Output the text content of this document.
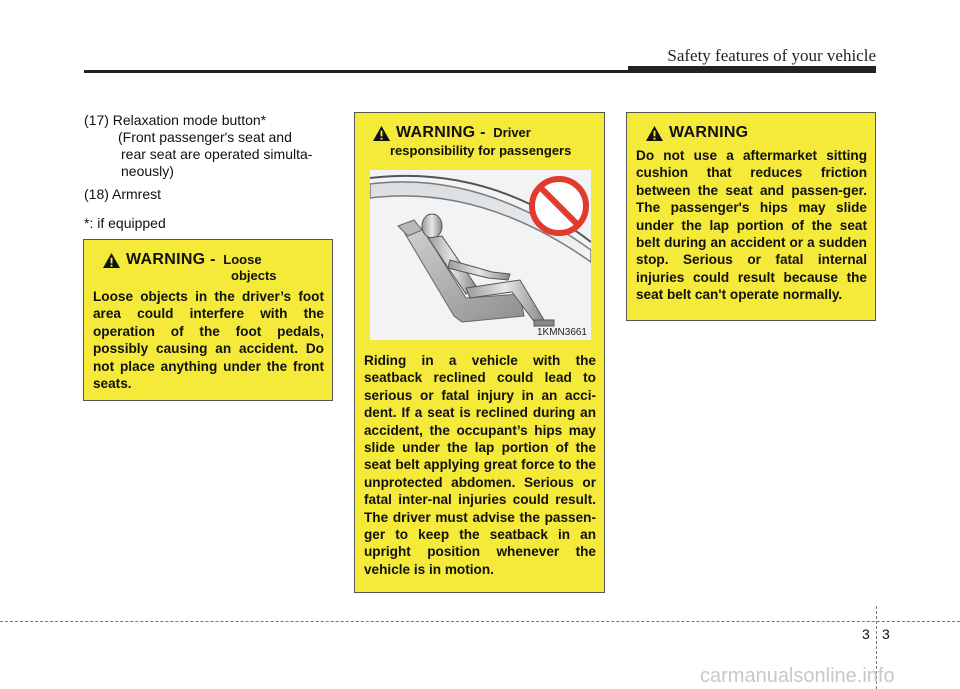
Safety features of your vehicle

(17) Relaxation mode button*

(Front passenger's seat and

rear seat are operated simulta-

neously)

(18) Armrest

*: if equipped

WARNING - Loose
objects
Loose objects in the driver’s foot area could interfere with the operation of the foot pedals, possibly causing an accident. Do not place anything under the front seats.
WARNING - Driver
responsibility for passengers
1KMN3661
Riding in a vehicle with the seatback reclined could lead to serious or fatal injury in an acci-dent. If a seat is reclined during an accident, the occupant’s hips may slide under the lap portion of the seat belt applying great force to the unprotected abdomen. Serious or fatal inter-nal injuries could result. The driver must advise the passen-ger to keep the seatback in an upright position whenever the vehicle is in motion.
WARNING
Do not use a aftermarket sitting cushion that reduces friction between the seat and passen-ger. The passenger's hips may slide under the lap portion of the seat belt during an accident or a sudden stop. Serious or fatal internal injuries could result because the seat belt can't operate normally.
3 3
carmanualsonline.info
